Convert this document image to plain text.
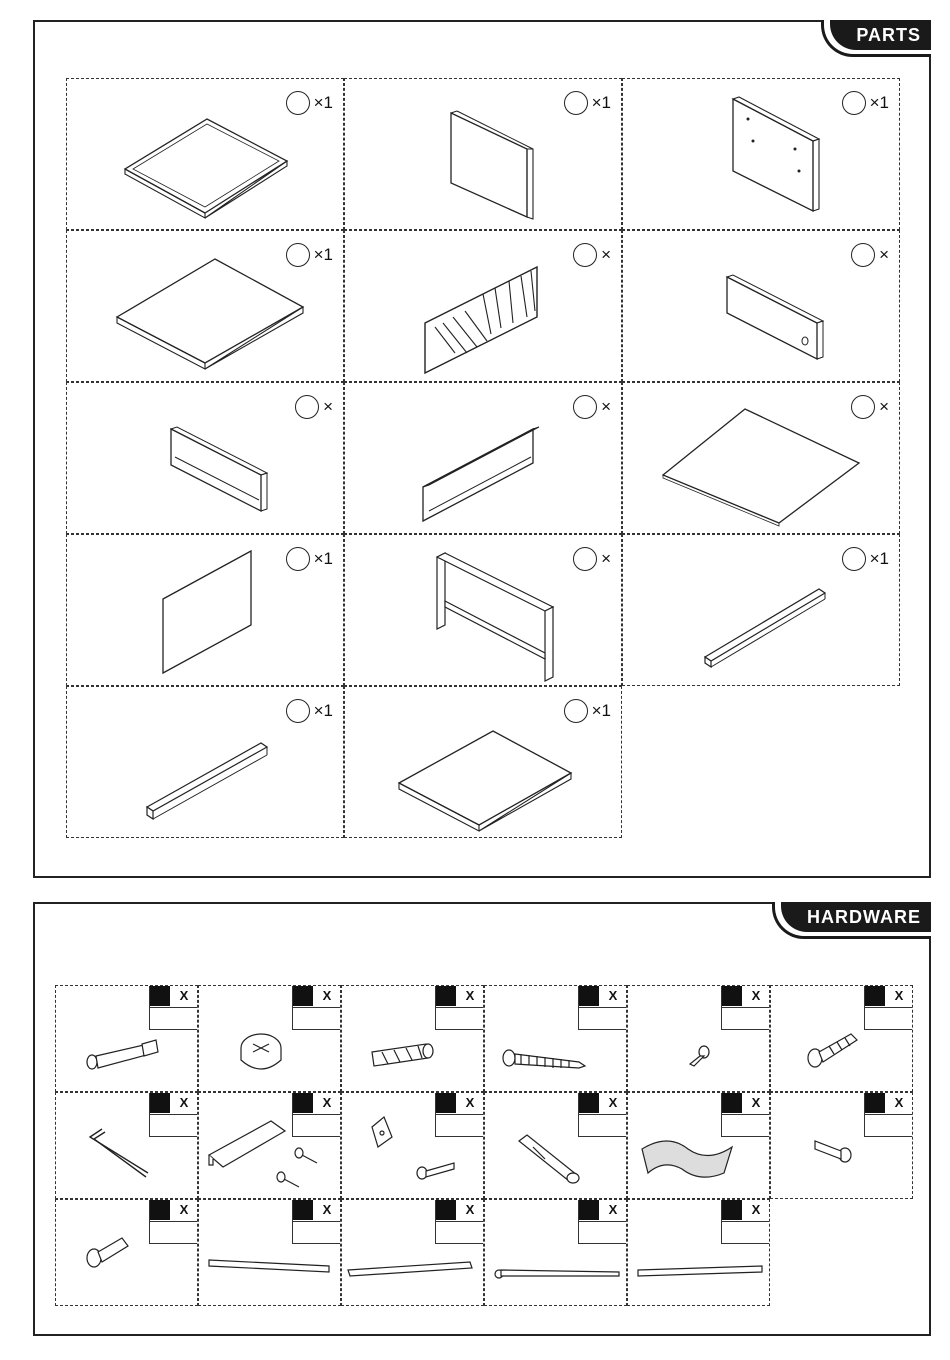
PARTS
×1	×1	×1
×1	×	×
×	×	×
×1	×	×1
×1	×1
HARDWARE
X	X	X	X	X	X
X	X	X	X	X	X
X	X	X	X	X
